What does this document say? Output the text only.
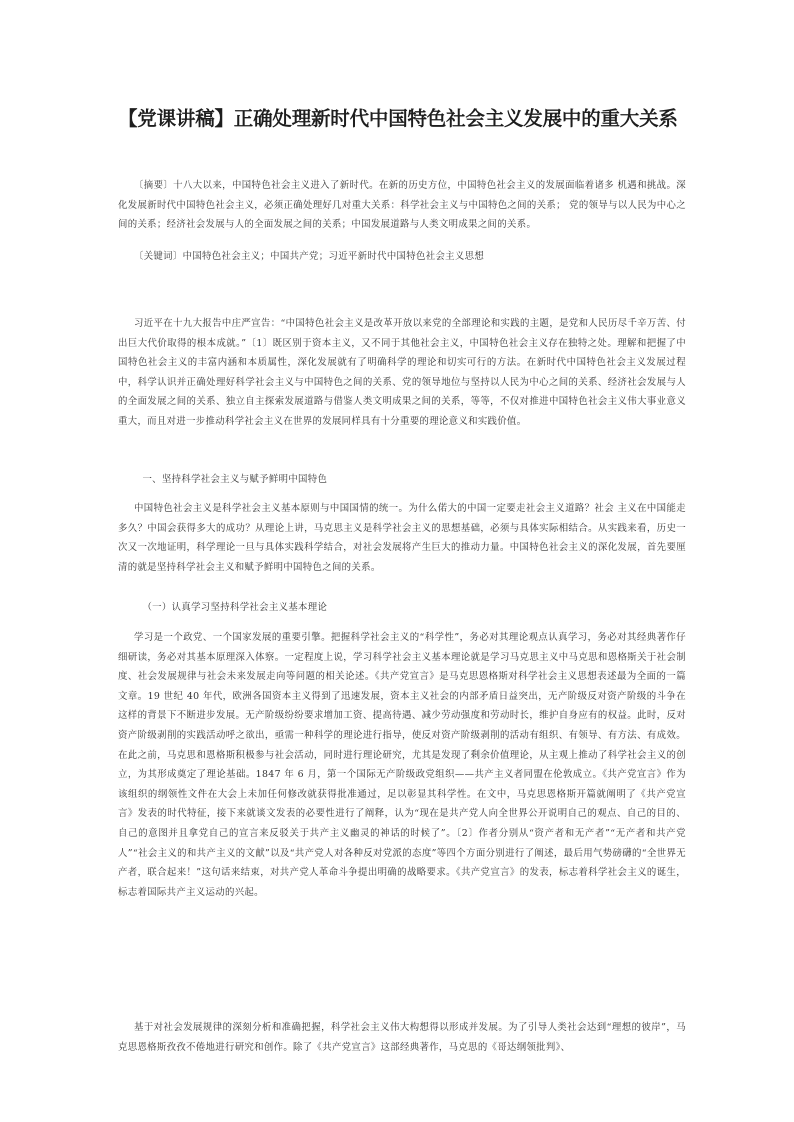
【党课讲稿】正确处理新时代中国特色社会主义发展中的重大关系

〔摘要〕十八大以来，中国特色社会主义进入了新时代。在新的历史方位，中国特色社会主义的发展面临着诸多 机遇和挑战。深化发展新时代中国特色社会主义，必须正确处理好几对重大关系：科学社会主义与中国特色之间的关系； 党的领导与以人民为中心之间的关系；经济社会发展与人的全面发展之间的关系；中国发展道路与人类文明成果之间的关系。

〔关键词〕中国特色社会主义；中国共产党；习近平新时代中国特色社会主义思想

习近平在十九大报告中庄严宣告：“中国特色社会主义是改革开放以来党的全部理论和实践的主题，是党和人民历尽千辛万苦、付出巨大代价取得的根本成就。”〔1〕既区别于资本主义，又不同于其他社会主义，中国特色社会主义存在独特之处。理解和把握了中国特色社会主义的丰富内涵和本质属性，深化发展就有了明确科学的理论和切实可行的方法。在新时代中国特色社会主义发展过程中，科学认识并正确处理好科学社会主义与中国特色之间的关系、党的领导地位与坚持以人民为中心之间的关系、经济社会发展与人的全面发展之间的关系、独立自主探索发展道路与借鉴人类文明成果之间的关系，等等，不仅对推进中国特色社会主义伟大事业意义重大，而且对进一步推动科学社会主义在世界的发展同样具有十分重要的理论意义和实践价值。

一、坚持科学社会主义与赋予鲜明中国特色

中国特色社会主义是科学社会主义基本原则与中国国情的统一。为什么偌大的中国一定要走社会主义道路？社会 主义在中国能走多久？中国会获得多大的成功？从理论上讲，马克思主义是科学社会主义的思想基础，必须与具体实际相结合。从实践来看，历史一次又一次地证明，科学理论一旦与具体实践科学结合，对社会发展将产生巨大的推动力量。中国特色社会主义的深化发展，首先要厘清的就是坚持科学社会主义和赋予鲜明中国特色之间的关系。

（一）认真学习坚持科学社会主义基本理论

学习是一个政党、一个国家发展的重要引擎。把握科学社会主义的“科学性”，务必对其理论观点认真学习，务必对其经典著作仔细研读，务必对其基本原理深入体察。一定程度上说，学习科学社会主义基本理论就是学习马克思主义中马克思和恩格斯关于社会制度、社会发展规律与社会未来发展走向等问题的相关论述。《共产党宣言》是马克思恩格斯对科学社会主义思想表述最为全面的一篇文章。19 世纪 40 年代，欧洲各国资本主义得到了迅速发展，资本主义社会的内部矛盾日益突出，无产阶级反对资产阶级的斗争在这样的背景下不断进步发展。无产阶级纷纷要求增加工资、提高待遇、减少劳动强度和劳动时长，维护自身应有的权益。此时，反对资产阶级剥削的实践活动呼之欲出，亟需一种科学的理论进行指导，使反对资产阶级剥削的活动有组织、有领导、有方法、有成效。在此之前，马克思和恩格斯积极参与社会活动，同时进行理论研究，尤其是发现了剩余价值理论，从主观上推动了科学社会主义的创立，为其形成奠定了理论基础。1847 年 6 月，第一个国际无产阶级政党组织——共产主义者同盟在伦敦成立。《共产党宣言》作为该组织的纲领性文件在大会上未加任何修改就获得批准通过，足以彰显其科学性。在文中，马克思恩格斯开篇就阐明了《共产党宣言》发表的时代特征，接下来就谈文发表的必要性进行了阐释，认为“现在是共产党人向全世界公开说明自己的观点、自己的目的、自己的意图并且拿党自己的宣言来反驳关于共产主义幽灵的神话的时候了”。〔2〕作者分别从“资产者和无产者”“无产者和共产党人”“社会主义的和共产主义的文献”以及“共产党人对各种反对党派的态度”等四个方面分别进行了阐述，最后用气势磅礴的“全世界无产者，联合起来！”这句话来结束，对共产党人革命斗争提出明确的战略要求。《共产党宣言》的发表，标志着科学社会主义的诞生，标志着国际共产主义运动的兴起。

基于对社会发展规律的深刻分析和准确把握，科学社会主义伟大构想得以形成并发展。为了引导人类社会达到“理想的彼岸”，马克思恩格斯孜孜不倦地进行研究和创作。除了《共产党宣言》这部经典著作，马克思的《哥达纲领批判》、
